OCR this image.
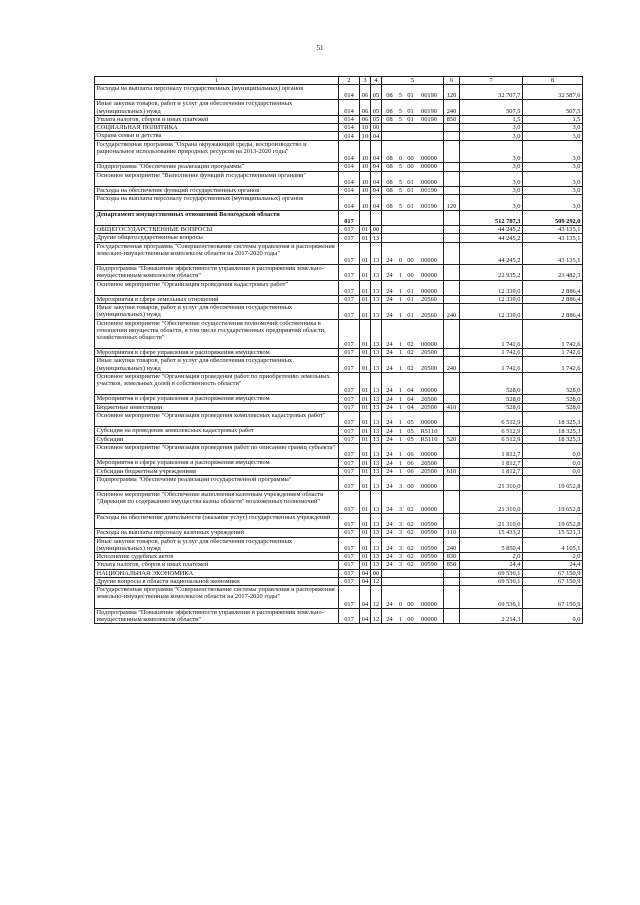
51
1	2	3	4	5	6	7	8
Расходы на выплаты персоналу государственных (муниципальных) органов	014	06	05	08 5 01 00190	120	32 707,7	32 587,6
Иные закупки товаров, работ и услуг для обеспечения государственных (муниципальных) нужд	014	06	05	08 5 01 00190	240	507,5	507,5
Уплата налогов, сборов и иных платежей	014	06	05	08 5 01 00190	850	1,5	1,5
СОЦИАЛЬНАЯ ПОЛИТИКА	014	10	00			3,0	3,0
Охрана семьи и детства	014	10	04			3,0	3,0
Государственная программа "Охрана окружающей среды, воспроизводство и рациональное использование природных ресурсов на 2013-2020 годы"	014	10	04	08 0 00 00000		3,0	3,0
Подпрограмма "Обеспечение реализации программы"	014	10	04	08 5 00 00000		3,0	3,0
Основное мероприятие "Выполнение функций государственными органами"	014	10	04	08 5 01 00000		3,0	3,0
Расходы на обеспечение функций государственных органов	014	10	04	08 5 01 00190		3,0	3,0
Расходы на выплаты персоналу государственных (муниципальных) органов	014	10	04	08 5 01 00190	120	3,0	3,0
Департамент имущественных отношений Вологодской области	017					512 787,3	509 292,0
ОБЩЕГОСУДАРСТВЕННЫЕ ВОПРОСЫ	017	01	00			44 245,2	43 135,1
Другие общегосударственные вопросы	017	01	13			44 245,2	43 135,1
Государственная программа "Совершенствование системы управления и распоряжения земельно-имущественным комплексом области на 2017-2020 годы"	017	01	13	24 0 00 00000		44 245,2	43 135,1
Подпрограмма "Повышение эффективности управления и распоряжения земельно-имущественным комплексом области"	017	01	13	24 1 00 00000		22 935,2	23 482,3
Основное мероприятие "Организация проведения кадастровых работ"	017	01	13	24 1 01 00000		12 339,0	2 886,4
Мероприятия в сфере земельных отношений	017	01	13	24 1 01 20560		12 339,0	2 886,4
Иные закупки товаров, работ и услуг для обеспечения государственных (муниципальных) нужд	017	01	13	24 1 01 20560	240	12 339,0	2 886,4
Основное мероприятие "Обеспечение осуществления полномочий собственника в отношении имущества области, в том числе государственных предприятий области, хозяйственных обществ"	017	01	13	24 1 02 00000		1 742,6	1 742,6
Мероприятия в сфере управления и распоряжения имуществом	017	01	13	24 1 02 20500		1 742,6	1 742,6
Иные закупки товаров, работ и услуг для обеспечения государственных (муниципальных) нужд	017	01	13	24 1 02 20500	240	1 742,6	1 742,6
Основное мероприятие "Организация проведения работ по приобретению земельных участков, земельных долей в собственность области"	017	01	13	24 1 04 00000		528,0	528,0
Мероприятия в сфере управления и распоряжения имуществом	017	01	13	24 1 04 20500		528,0	528,0
Бюджетные инвестиции	017	01	13	24 1 04 20500	410	528,0	528,0
Основное мероприятие "Организация проведения комплексных кадастровых работ"	017	01	13	24 1 05 00000		6 512,9	18 325,3
Субсидия на проведение комплексных кадастровых работ	017	01	13	24 1 05 R5110		6 512,9	18 325,3
Субсидии	017	01	13	24 1 05 R5110	520	6 512,9	18 325,3
Основное мероприятие "Организация проведения работ по описанию границ субъекта"	017	01	13	24 1 06 00000		1 812,7	0,0
Мероприятия в сфере управления и распоряжения имуществом	017	01	13	24 1 06 20500		1 812,7	0,0
Субсидии бюджетным учреждениям	017	01	13	24 1 06 20500	610	1 812,7	0,0
Подпрограмма "Обеспечение реализации государственной программы"	017	01	13	24 3 00 00000		21 310,0	19 652,8
Основное мероприятие "Обеспечение выполнения казенным учреждением области "Дирекция по содержанию имущества казны области" возложенных полномочий"	017	01	13	24 3 02 00000		21 310,0	19 652,8
Расходы на обеспечение деятельности (оказание услуг) государственных учреждений	017	01	13	24 3 02 00590		21 310,0	19 652,8
Расходы на выплаты персоналу казенных учреждений	017	01	13	24 3 02 00590	110	15 433,2	15 521,3
Иные закупки товаров, работ и услуг для обеспечения государственных (муниципальных) нужд	017	01	13	24 3 02 00590	240	5 850,4	4 105,1
Исполнение судебных актов	017	01	13	24 3 02 00590	830	2,0	2,0
Уплата налогов, сборов и иных платежей	017	01	13	24 3 02 00590	850	24,4	24,4
НАЦИОНАЛЬНАЯ ЭКОНОМИКА	017	04	00			69 536,1	67 150,9
Другие вопросы в области национальной экономики	017	04	12			69 536,1	67 150,9
Государственная программа "Совершенствование системы управления и распоряжения земельно-имущественным комплексом области на 2017-2020 годы"	017	04	12	24 0 00 00000		69 536,1	67 150,9
Подпрограмма "Повышение эффективности управления и распоряжения земельно-имущественным комплексом области"	017	04	12	24 1 00 00000		2 214,3	0,0
